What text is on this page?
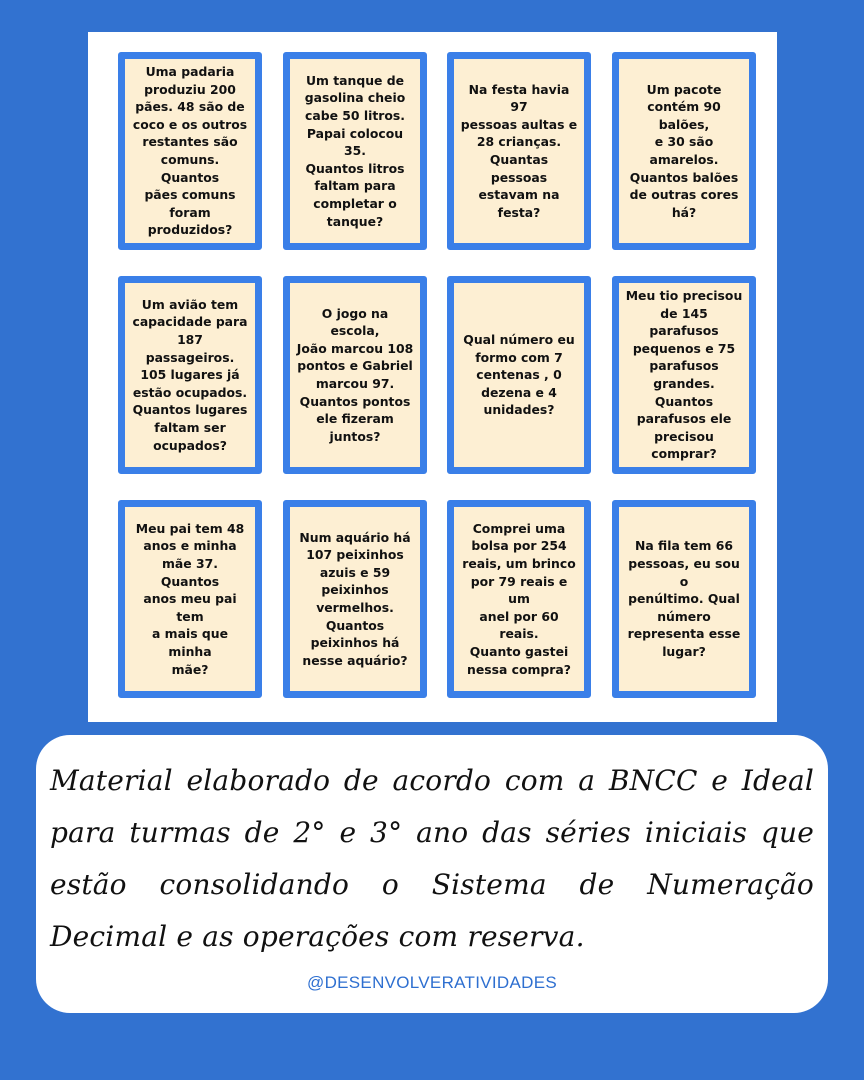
Uma padaria
produziu 200
pães. 48 são de
coco e os outros
restantes são
comuns. Quantos
pães comuns
foram
produzidos?
Um tanque de
gasolina cheio
cabe 50 litros.
Papai colocou 35.
Quantos litros
faltam para
completar o
tanque?
Na festa havia 97
pessoas aultas e
28 crianças.
Quantas pessoas
estavam na
festa?
Um pacote
contém 90 balões,
e 30 são
amarelos.
Quantos balões
de outras cores
há?
Um avião tem
capacidade para
187 passageiros.
105 lugares já
estão ocupados.
Quantos lugares
faltam ser
ocupados?
O jogo na escola,
João marcou 108
pontos e Gabriel
marcou 97.
Quantos pontos
ele fizeram
juntos?
Qual número eu
formo com 7
centenas , 0
dezena e 4
unidades?
Meu tio precisou
de 145 parafusos
pequenos e 75
parafusos
grandes.
Quantos
parafusos ele
precisou
comprar?
Meu pai tem 48
anos e minha
mãe 37. Quantos
anos meu pai tem
a mais que minha
mãe?
Num aquário há
107 peixinhos
azuis e 59
peixinhos
vermelhos.
Quantos
peixinhos há
nesse aquário?
Comprei uma
bolsa por 254
reais, um brinco
por 79 reais e um
anel por 60 reais.
Quanto gastei
nessa compra?
Na fila tem 66
pessoas, eu sou o
penúltimo. Qual
número
representa esse
lugar?
Material elaborado de acordo com a BNCC e Ideal para turmas de 2° e 3° ano das séries iniciais que estão consolidando o Sistema de Numeração Decimal e as operações com reserva.
@DESENVOLVERATIVIDADES
